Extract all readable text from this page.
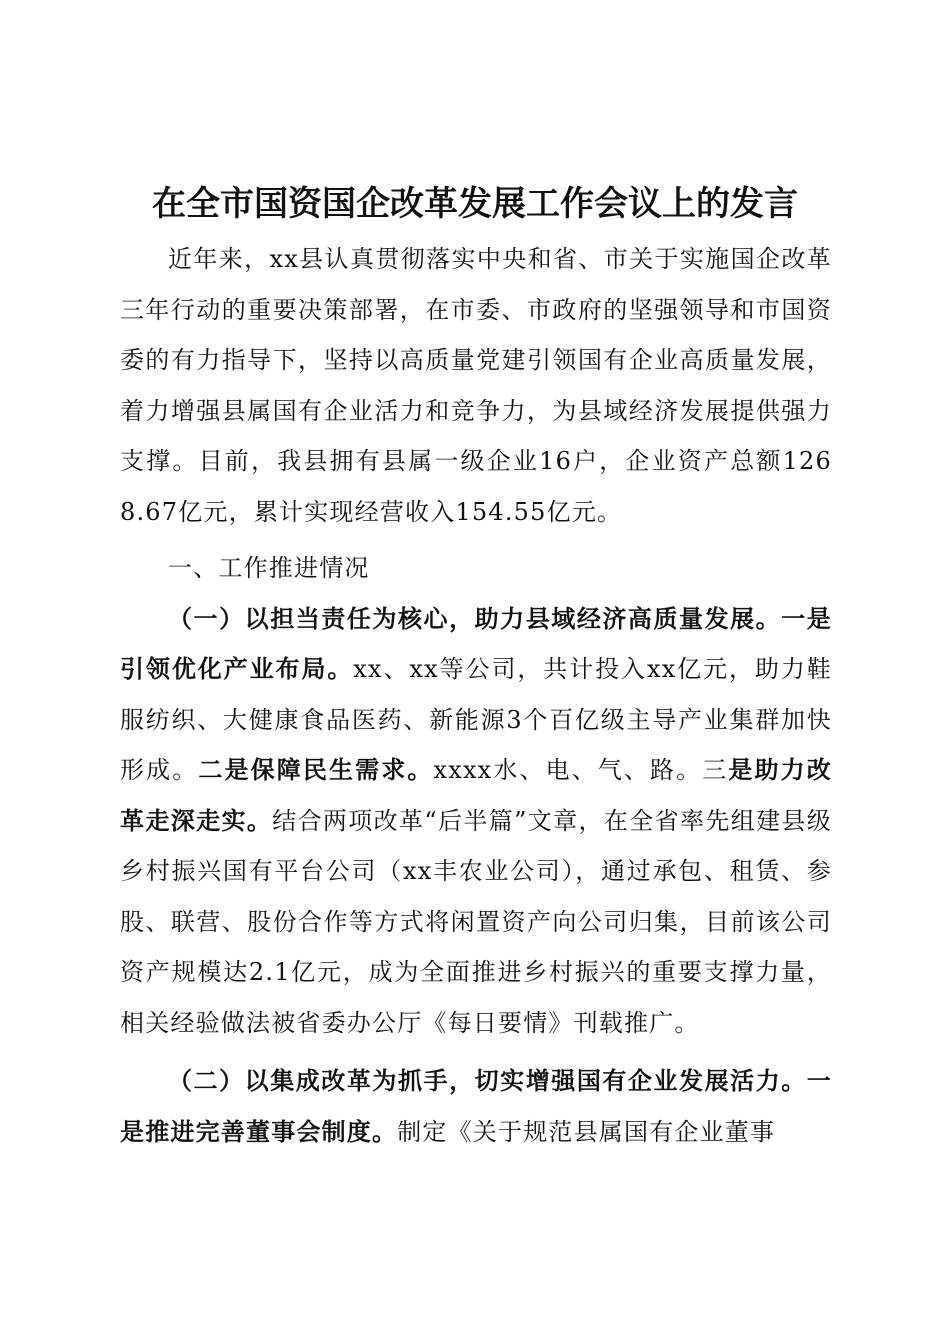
在全市国资国企改革发展工作会议上的发言

近年来，xx县认真贯彻落实中央和省、市关于实施国企改革三年行动的重要决策部署，在市委、市政府的坚强领导和市国资委的有力指导下，坚持以高质量党建引领国有企业高质量发展，着力增强县属国有企业活力和竞争力，为县域经济发展提供强力支撑。目前，我县拥有县属一级企业16户，企业资产总额1268.67亿元，累计实现经营收入154.55亿元。

一、工作推进情况

（一）以担当责任为核心，助力县域经济高质量发展。一是引领优化产业布局。xx、xx等公司，共计投入xx亿元，助力鞋服纺织、大健康食品医药、新能源3个百亿级主导产业集群加快形成。二是保障民生需求。xxxx水、电、气、路。三是助力改革走深走实。结合两项改革“后半篇”文章，在全省率先组建县级乡村振兴国有平台公司（xx丰农业公司），通过承包、租赁、参股、联营、股份合作等方式将闲置资产向公司归集，目前该公司资产规模达2.1亿元，成为全面推进乡村振兴的重要支撑力量，相关经验做法被省委办公厅《每日要情》刊载推广。

（二）以集成改革为抓手，切实增强国有企业发展活力。一是推进完善董事会制度。制定《关于规范县属国有企业董事
